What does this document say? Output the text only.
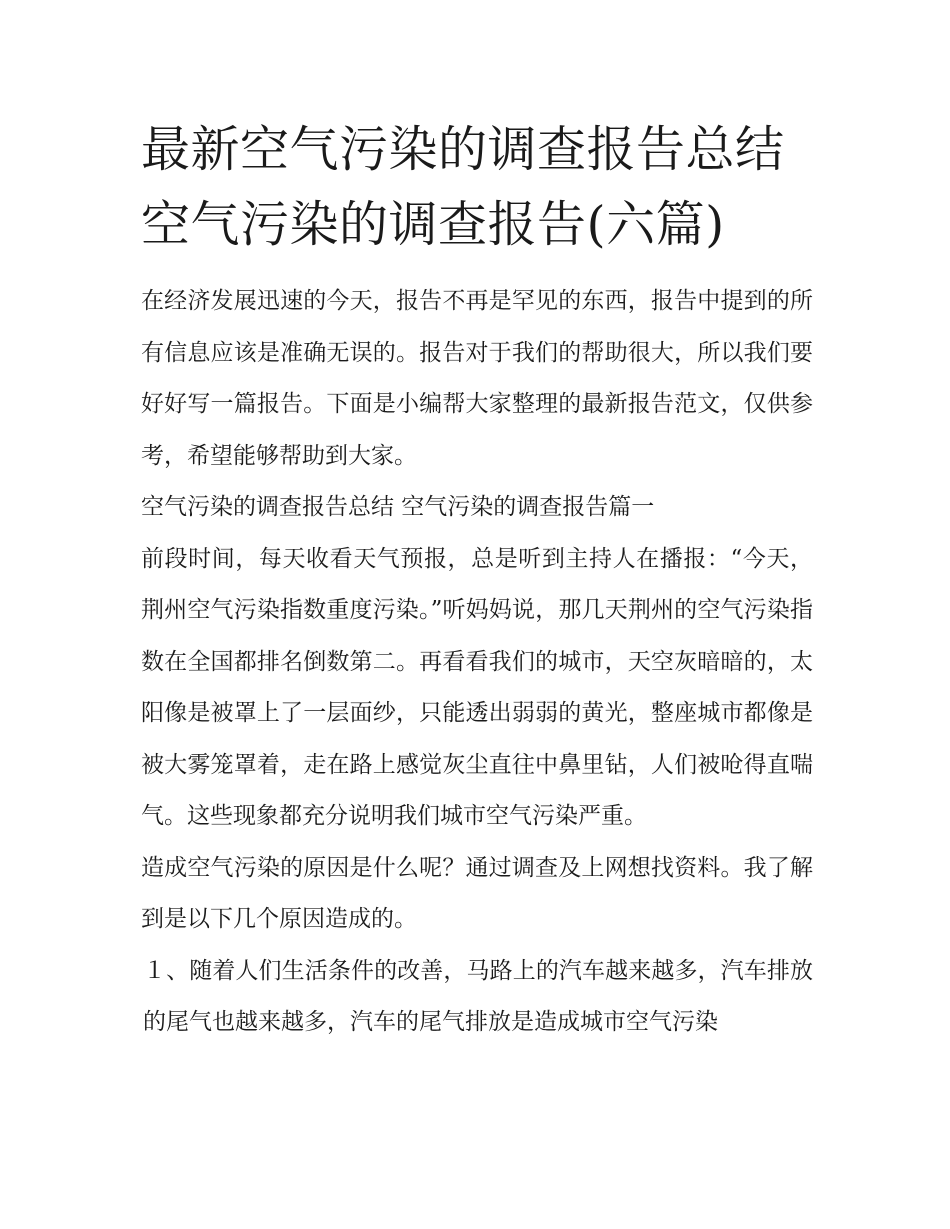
最新空气污染的调查报告总结
空气污染的调查报告(六篇)

在经济发展迅速的今天，报告不再是罕见的东西，报告中提到的所有信息应该是准确无误的。报告对于我们的帮助很大，所以我们要好好写一篇报告。下面是小编帮大家整理的最新报告范文，仅供参考，希望能够帮助到大家。

空气污染的调查报告总结 空气污染的调查报告篇一

前段时间，每天收看天气预报，总是听到主持人在播报：“今天，荆州空气污染指数重度污染。”听妈妈说，那几天荆州的空气污染指数在全国都排名倒数第二。再看看我们的城市，天空灰暗暗的，太阳像是被罩上了一层面纱，只能透出弱弱的黄光，整座城市都像是被大雾笼罩着，走在路上感觉灰尘直往中鼻里钻，人们被呛得直喘气。这些现象都充分说明我们城市空气污染严重。

造成空气污染的原因是什么呢？通过调查及上网想找资料。我了解到是以下几个原因造成的。

１、随着人们生活条件的改善，马路上的汽车越来越多，汽车排放的尾气也越来越多，汽车的尾气排放是造成城市空气污染
